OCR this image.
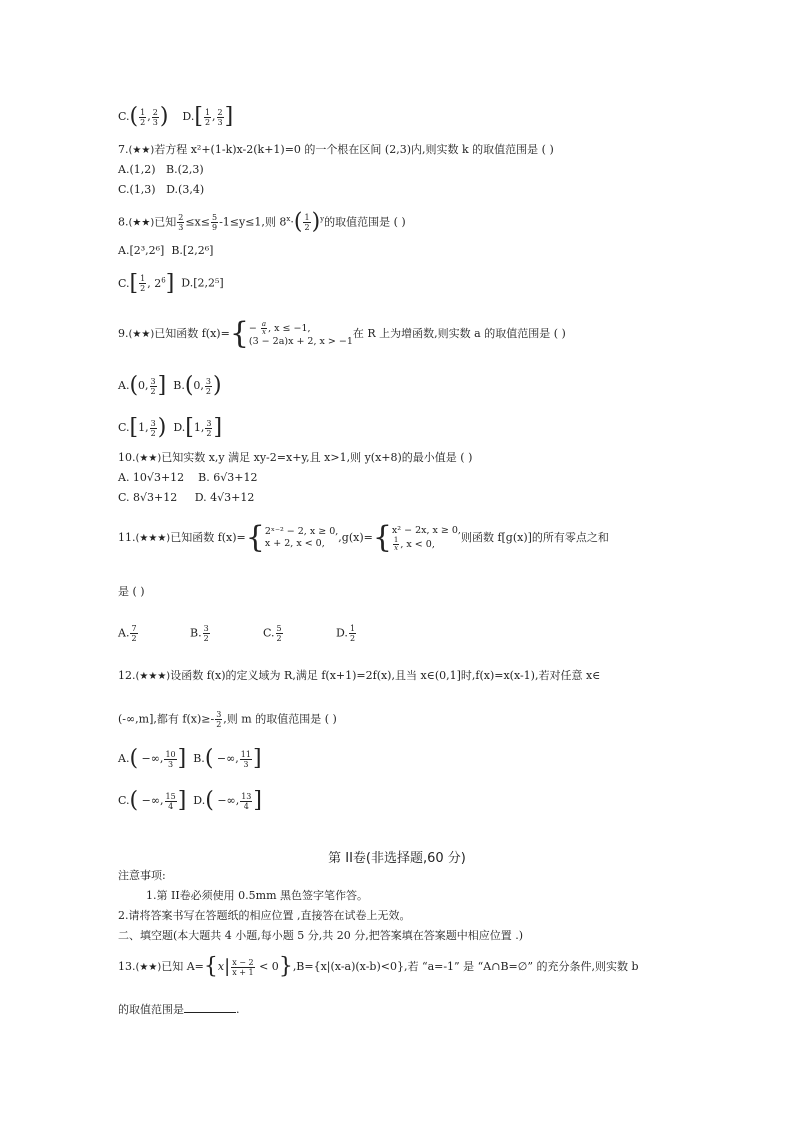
$C.( \frac{1}{2}$ , $\frac{2}{3}$ ) $D.[ \frac{1}{2}$ , $\frac{2}{3}$ ]
7.(★★)若方程 x²+(1-k)x-2(k+1)=0 的一个根在区间 (2,3)内,则实数 k 的取值范围是 ( )
A.(1,2) B.(2,3)
C.(1,3) D.(3,4)
8.(★★)已知 $\frac{2}{3} \le x\le \frac{5}{9} -1\le y\le 1$,则 $8^x\cdot( \frac{1}{2} )^y$的取值范围是 ( )
A.[2³,2⁶] B.[2,2⁶]
$C.[ \frac{1}{2}$ , $2^6$] D.[2,2⁵]
9.(★★)已知函数 $f(x)=\{ - \frac{a}{x}$ , x ≤ −1,
(3 − 2a)x + 2, x > −1
在 R 上为增函数,则实数 a 的取值范围是 ( )
A.(0, $\frac{3}{2}$ ] B.(0, $\frac{3}{2}$ )
C.[1, $\frac{3}{2}$ ) D.[1, $\frac{3}{2}$ ]
10.(★★)已知实数 x,y 满足 xy-2=x+y,且 x>1,则 y(x+8)的最小值是 ( )
A. 10√3+12 B. 6√3+12
C. 8√3+12 D. 4√3+12
11.(★★★)已知函数 f(x)={ 2ˣ⁻² − 2, x ≥ 0,
x + 2, x < 0,	,g(x)={ x² − 2x, x ≥ 0,
$\frac{1}{x}$ , x < 0,	则函数 f[g(x)]的所有零点之和
是 ( )
A. $\frac{7}{2}$	B. $\frac{3}{2}$	C. $\frac{5}{2}$	D. $\frac{1}{2}$
12.(★★★)设函数 f(x)的定义域为 R,满足 f(x+1)=2f(x),且当 x∈(0,1]时,f(x)=x(x-1),若对任意 x∈
(-∞,m],都有 $f(x)\ge- \frac{3}{2}$ ,则 m 的取值范围是 ( )
A.( −∞, $\frac{10}{3}$ ] B.( −∞, $\frac{11}{3}$ ]
C.( −∞, $\frac{15}{4}$ ] D.( −∞, $\frac{13}{4}$ ]
第 II卷(非选择题,60 分)
注意事项:
1.第 II卷必须使用 0.5mm 黑色签字笔作答。
2.请将答案书写在答题纸的相应位置 ,直接答在试卷上无效。
二、填空题(本大题共 4 小题,每小题 5 分,共 20 分,把答案填在答案题中相应位置 .)
13.(★★)已知 $A=\{x| \frac{x - 2}{x + 1} < 0\},B=\{x|(x-a)(x-b)<0\}$,若 “a=-1” 是 “A∩B=∅” 的充分条件,则实数 b
的取值范围是	.
